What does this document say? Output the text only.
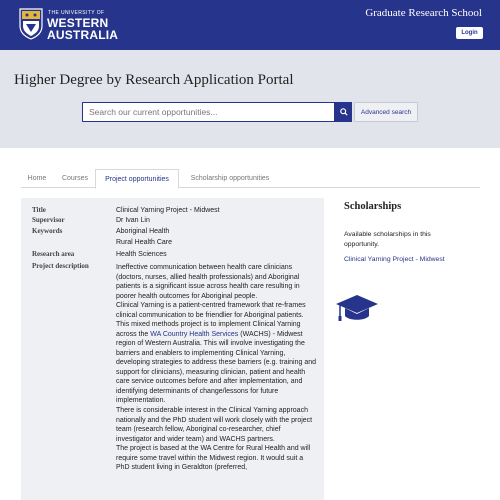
THE UNIVERSITY OF
WESTERN
AUSTRALIA
Graduate Research School
Login
Higher Degree by Research Application Portal
Search our current opportunities...
Advanced search
Home	Courses	Project opportunities	Scholarship opportunities
Title	Clinical Yarning Project - Midwest
Supervisor	Dr Ivan Lin
Keywords	Aboriginal Health
Rural Health Care
Research area	Health Sciences
Project description	Ineffective communication between health care clinicians (doctors, nurses, allied health professionals) and Aboriginal patients is a significant issue across health care resulting in poorer health outcomes for Aboriginal people.

Clinical Yarning is a patient-centred framework that re-frames clinical communication to be friendlier for Aboriginal patients. This mixed methods project is to implement Clinical Yarning across the WA Country Health Services (WACHS) - Midwest region of Western Australia. This will involve investigating the barriers and enablers to implementing Clinical Yarning, developing strategies to address these barriers (e.g. training and support for clinicians), measuring clinician, patient and health care service outcomes before and after implementation, and identifying determinants of change/lessons for future implementation.

There is considerable interest in the Clinical Yarning approach nationally and the PhD student will work closely with the project team (research fellow, Aboriginal co-researcher, chief investigator and wider team) and WACHS partners.

The project is based at the WA Centre for Rural Health and will require some travel within the Midwest region. It would suit a PhD student living in Geraldton (preferred,

Scholarships
Available scholarships in this opportunity.
Clinical Yarning Project - Midwest
